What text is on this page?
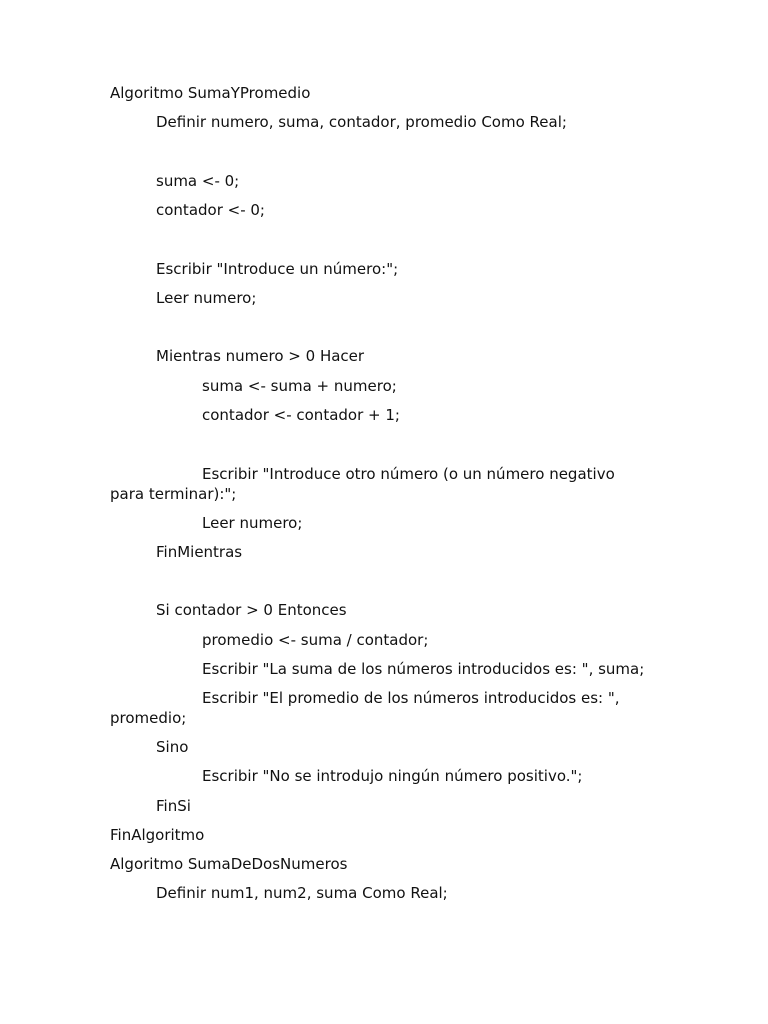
Algoritmo SumaYPromedio
Definir numero, suma, contador, promedio Como Real;
suma <- 0;
contador <- 0;
Escribir "Introduce un número:";
Leer numero;
Mientras numero > 0 Hacer
suma <- suma + numero;
contador <- contador + 1;
Escribir "Introduce otro número (o un número negativo
para terminar):";
Leer numero;
FinMientras
Si contador > 0 Entonces
promedio <- suma / contador;
Escribir "La suma de los números introducidos es: ", suma;
Escribir "El promedio de los números introducidos es: ",
promedio;
Sino
Escribir "No se introdujo ningún número positivo.";
FinSi
FinAlgoritmo
Algoritmo SumaDeDosNumeros
Definir num1, num2, suma Como Real;
